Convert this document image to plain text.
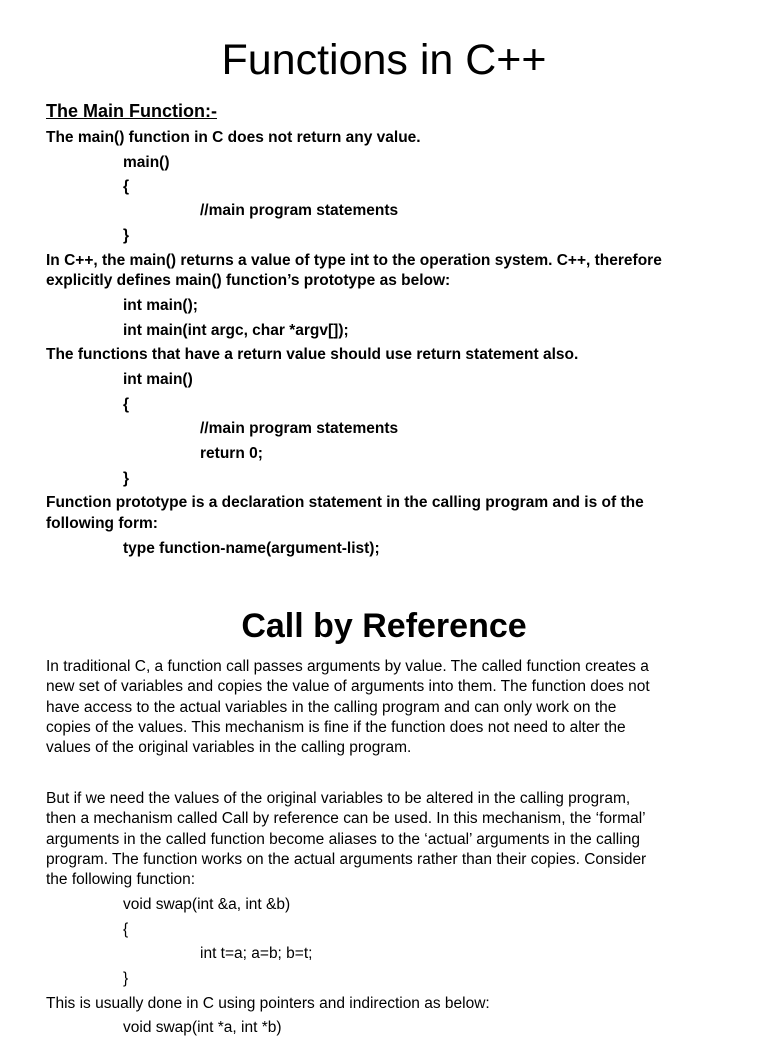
Functions in C++
The Main Function:-
The main() function in C does not return any value.
main()
{
//main program statements
}
In C++, the main() returns a value of type int to the operation system. C++, therefore
explicitly defines main() function’s prototype as below:
int main();
int main(int argc, char *argv[]);
The functions that have a return value should use return statement also.
int main()
{
//main program statements
return 0;
}
Function prototype is a declaration statement in the calling program and is of the
following form:
type function-name(argument-list);
Call by Reference
In traditional C, a function call passes arguments by value. The called function creates a
new set of variables and copies the value of arguments into them. The function does not
have access to the actual variables in the calling program and can only work on the
copies of the values. This mechanism is fine if the function does not need to alter the
values of the original variables in the calling program.
But if we need the values of the original variables to be altered in the calling program,
then a mechanism called Call by reference can be used. In this mechanism, the ‘formal’
arguments in the called function become aliases to the ‘actual’ arguments in the calling
program. The function works on the actual arguments rather than their copies. Consider
the following function:
void swap(int &a, int &b)
{
int t=a; a=b; b=t;
}
This is usually done in C using pointers and indirection as below:
void swap(int *a, int *b)
